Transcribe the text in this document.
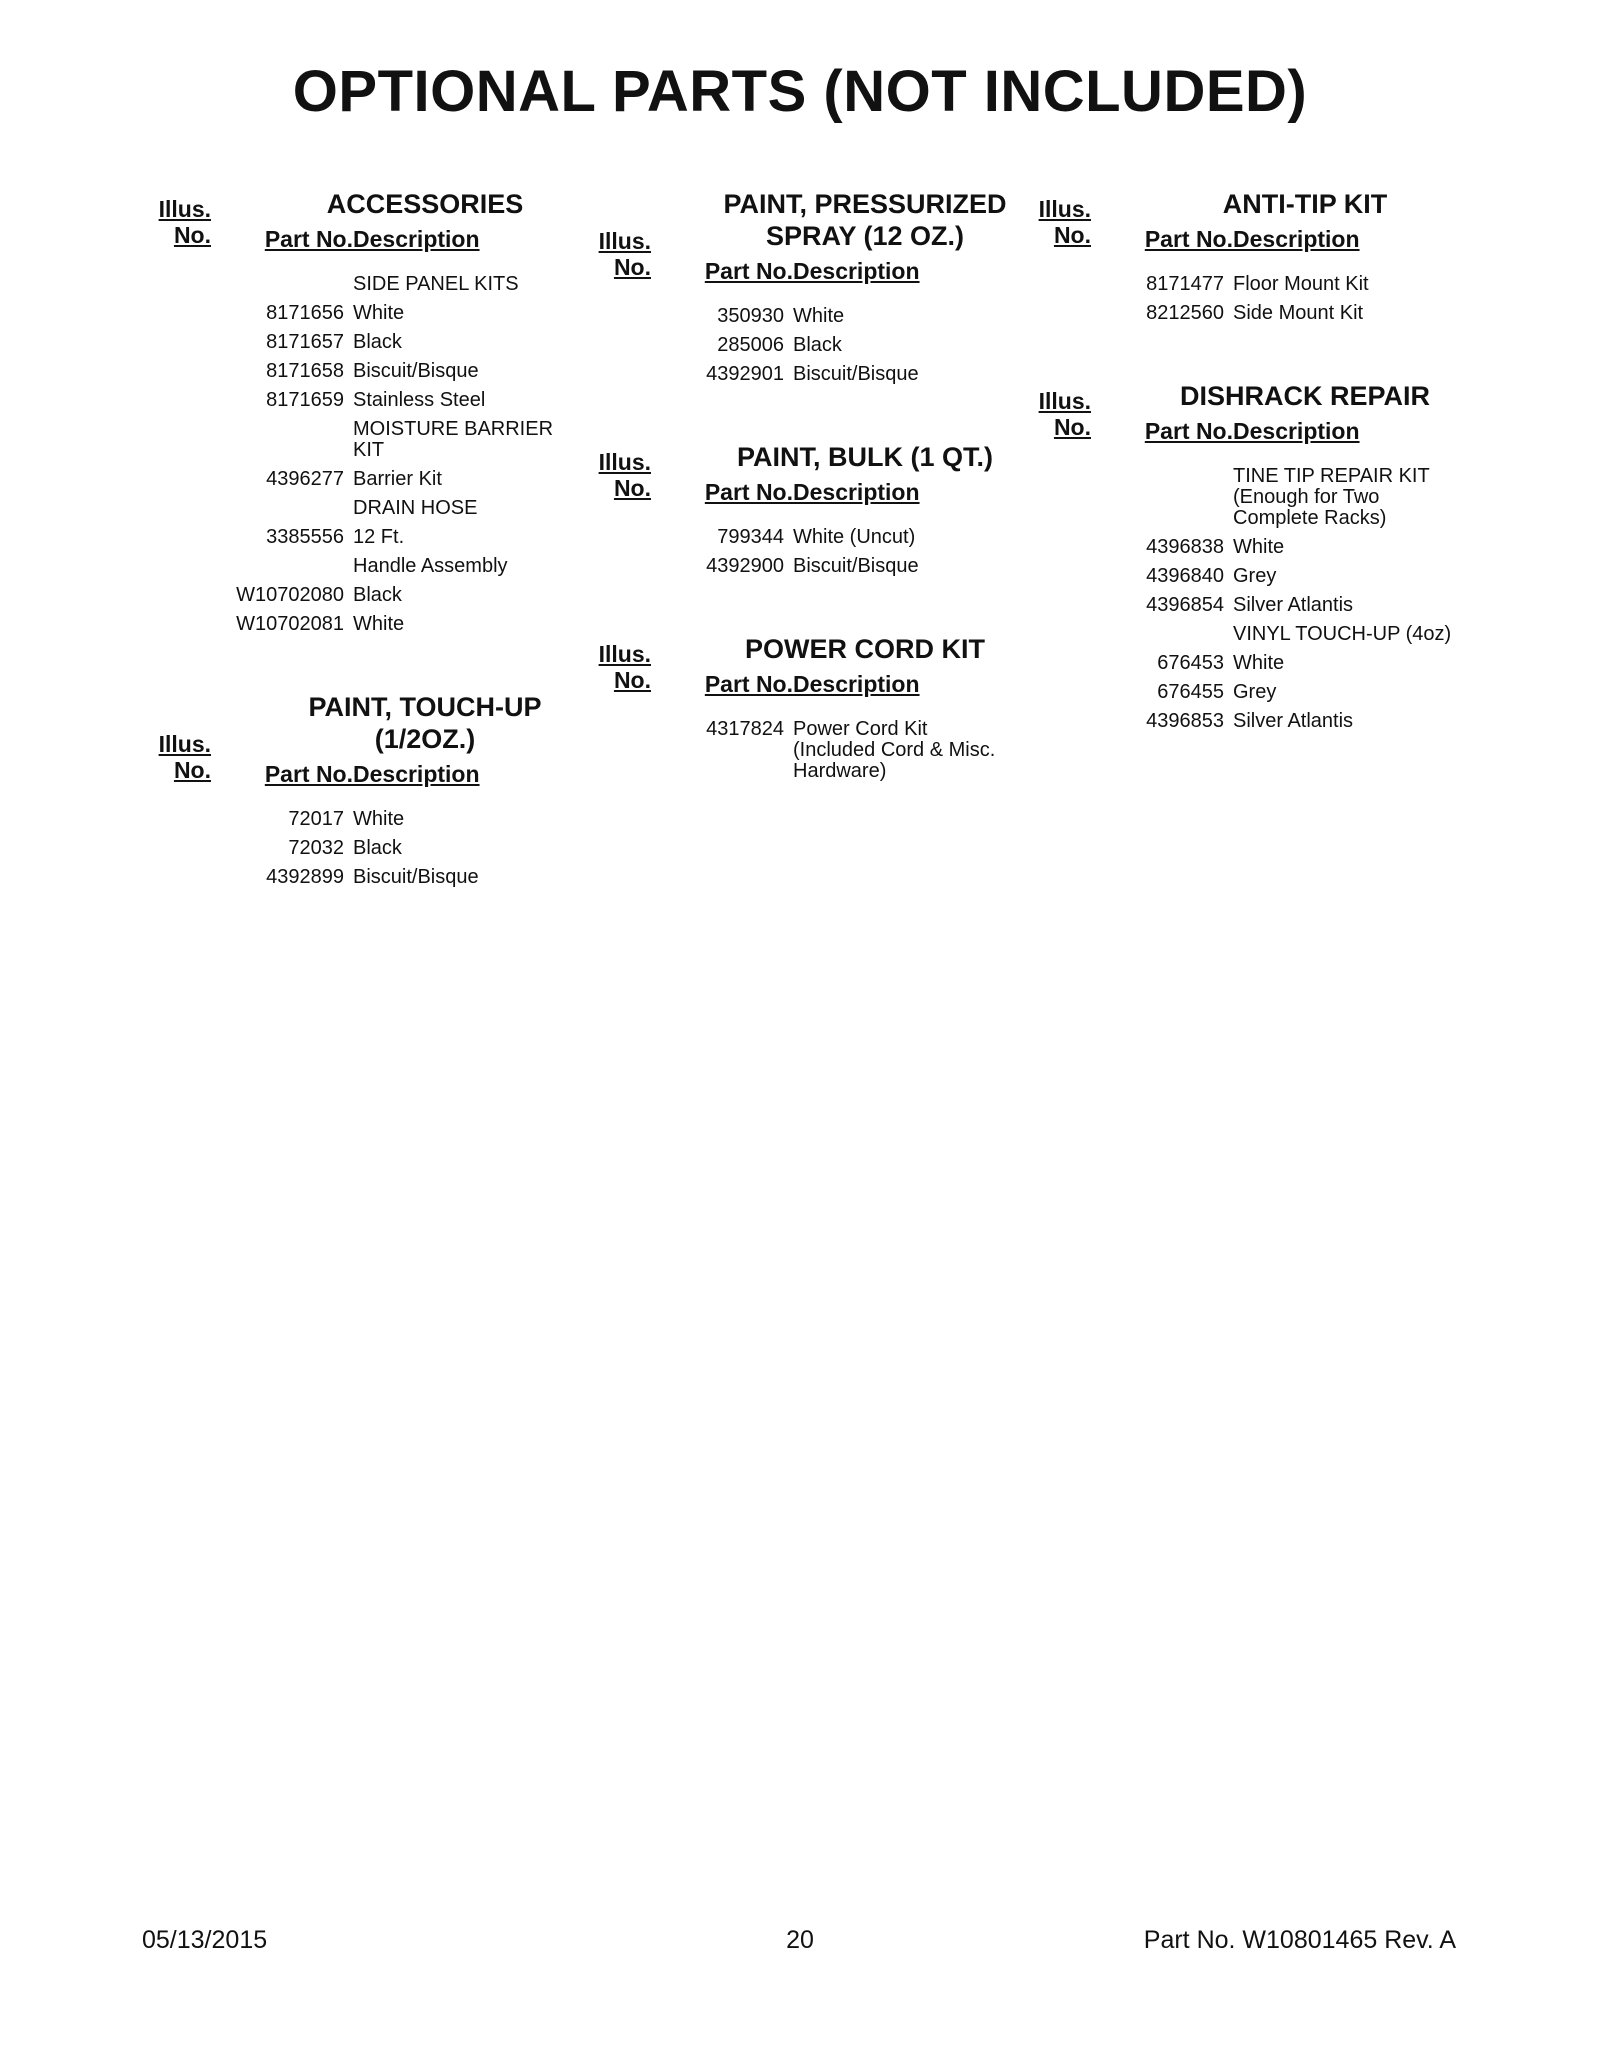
OPTIONAL PARTS (NOT INCLUDED)
ACCESSORIES
Illus.
No. Part No. Description
SIDE PANEL KITS
8171656 White
8171657 Black
8171658 Biscuit/Bisque
8171659 Stainless Steel
MOISTURE BARRIER KIT
4396277 Barrier Kit
DRAIN HOSE
3385556 12 Ft.
Handle Assembly
W10702080 Black
W10702081 White
PAINT, TOUCH-UP (1/2OZ.)
Illus.
No. Part No. Description
72017 White
72032 Black
4392899 Biscuit/Bisque
PAINT, PRESSURIZED SPRAY (12 OZ.)
Illus.
No. Part No. Description
350930 White
285006 Black
4392901 Biscuit/Bisque
PAINT, BULK (1 QT.)
Illus.
No. Part No. Description
799344 White (Uncut)
4392900 Biscuit/Bisque
POWER CORD KIT
Illus.
No. Part No. Description
4317824 Power Cord Kit (Included Cord & Misc. Hardware)
ANTI-TIP KIT
Illus.
No. Part No. Description
8171477 Floor Mount Kit
8212560 Side Mount Kit
DISHRACK REPAIR
Illus.
No. Part No. Description
TINE TIP REPAIR KIT (Enough for Two Complete Racks)
4396838 White
4396840 Grey
4396854 Silver Atlantis
VINYL TOUCH-UP (4oz)
676453 White
676455 Grey
4396853 Silver Atlantis
05/13/2015	20	Part No. W10801465 Rev. A
